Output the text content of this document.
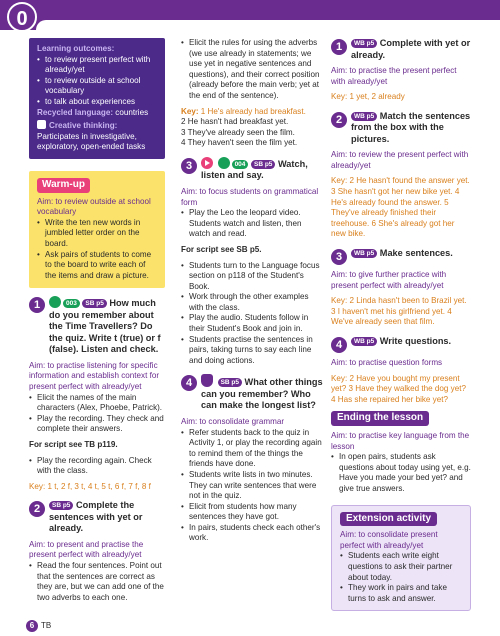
0
Learning outcomes:
• to review present perfect with already/yet
• to review outside at school vocabulary
• to talk about experiences
Recycled language: countries
Creative thinking:
Participates in investigative, exploratory, open-ended tasks
Warm-up
Aim: to review outside at school vocabulary
• Write the ten new words in jumbled letter order on the board.
• Ask pairs of students to come to the board to write each of the items and draw a picture.
1	003 SB p5 How much do you remember about the Time Travellers? Do the quiz. Write t (true) or f (false). Listen and check.
Aim: to practise listening for specific information and establish context for present perfect with already/yet
• Elicit the names of the main characters (Alex, Phoebe, Patrick).
• Play the recording. They check and complete their answers.
For script see TB p119.
• Play the recording again. Check with the class.
Key: 1 t, 2 f, 3 t, 4 t, 5 t, 6 f, 7 f, 8 f
2	SB p5 Complete the sentences with yet or already.
Aim: to present and practise the present perfect with already/yet
• Read the four sentences. Point out that the sentences are correct as they are, but we can add one of the two adverbs to each one.
• Elicit the rules for using the adverbs (we use already in statements; we use yet in negative sentences and questions), and their correct position (already before the main verb; yet at the end of the sentence).
Key: 1 He's already had breakfast.
2 He hasn't had breakfast yet.
3 They've already seen the film.
4 They haven't seen the film yet.
3	004 SB p5 Watch, listen and say.
Aim: to focus students on grammatical form
• Play the Leo the leopard video. Students watch and listen, then watch and read.
For script see SB p5.
• Students turn to the Language focus section on p118 of the Student's Book.
• Work through the other examples with the class.
• Play the audio. Students follow in their Student's Book and join in.
• Students practise the sentences in pairs, taking turns to say each line and doing actions.
4	SB p5 What other things can you remember? Who can make the longest list?
Aim: to consolidate grammar
• Refer students back to the quiz in Activity 1, or play the recording again to remind them of the things the friends have done.
• Students write lists in two minutes. They can write sentences that were not in the quiz.
• Elicit from students how many sentences they have got.
• In pairs, students check each other's work.
1	WB p5 Complete with yet or already.
Aim: to practise the present perfect with already/yet
Key: 1 yet, 2 already
2	WB p5 Match the sentences from the box with the pictures.
Aim: to review the present perfect with already/yet
Key: 2 He hasn't found the answer yet. 3 She hasn't got her new bike yet. 4 He's already found the answer. 5 They've already finished their treehouse. 6 She's already got her new bike.
3	WB p5 Make sentences.
Aim: to give further practice with present perfect with already/yet
Key: 2 Linda hasn't been to Brazil yet. 3 I haven't met his girlfriend yet. 4 We've already seen that film.
4	WB p5 Write questions.
Aim: to practise question forms
Key: 2 Have you bought my present yet? 3 Have they walked the dog yet? 4 Has she repaired her bike yet?
Ending the lesson
Aim: to practise key language from the lesson
• In open pairs, students ask questions about today using yet, e.g. Have you made your bed yet? and give true answers.
Extension activity
Aim: to consolidate present perfect with already/yet
• Students each write eight questions to ask their partner about today.
• They work in pairs and take turns to ask and answer.
6 TB
